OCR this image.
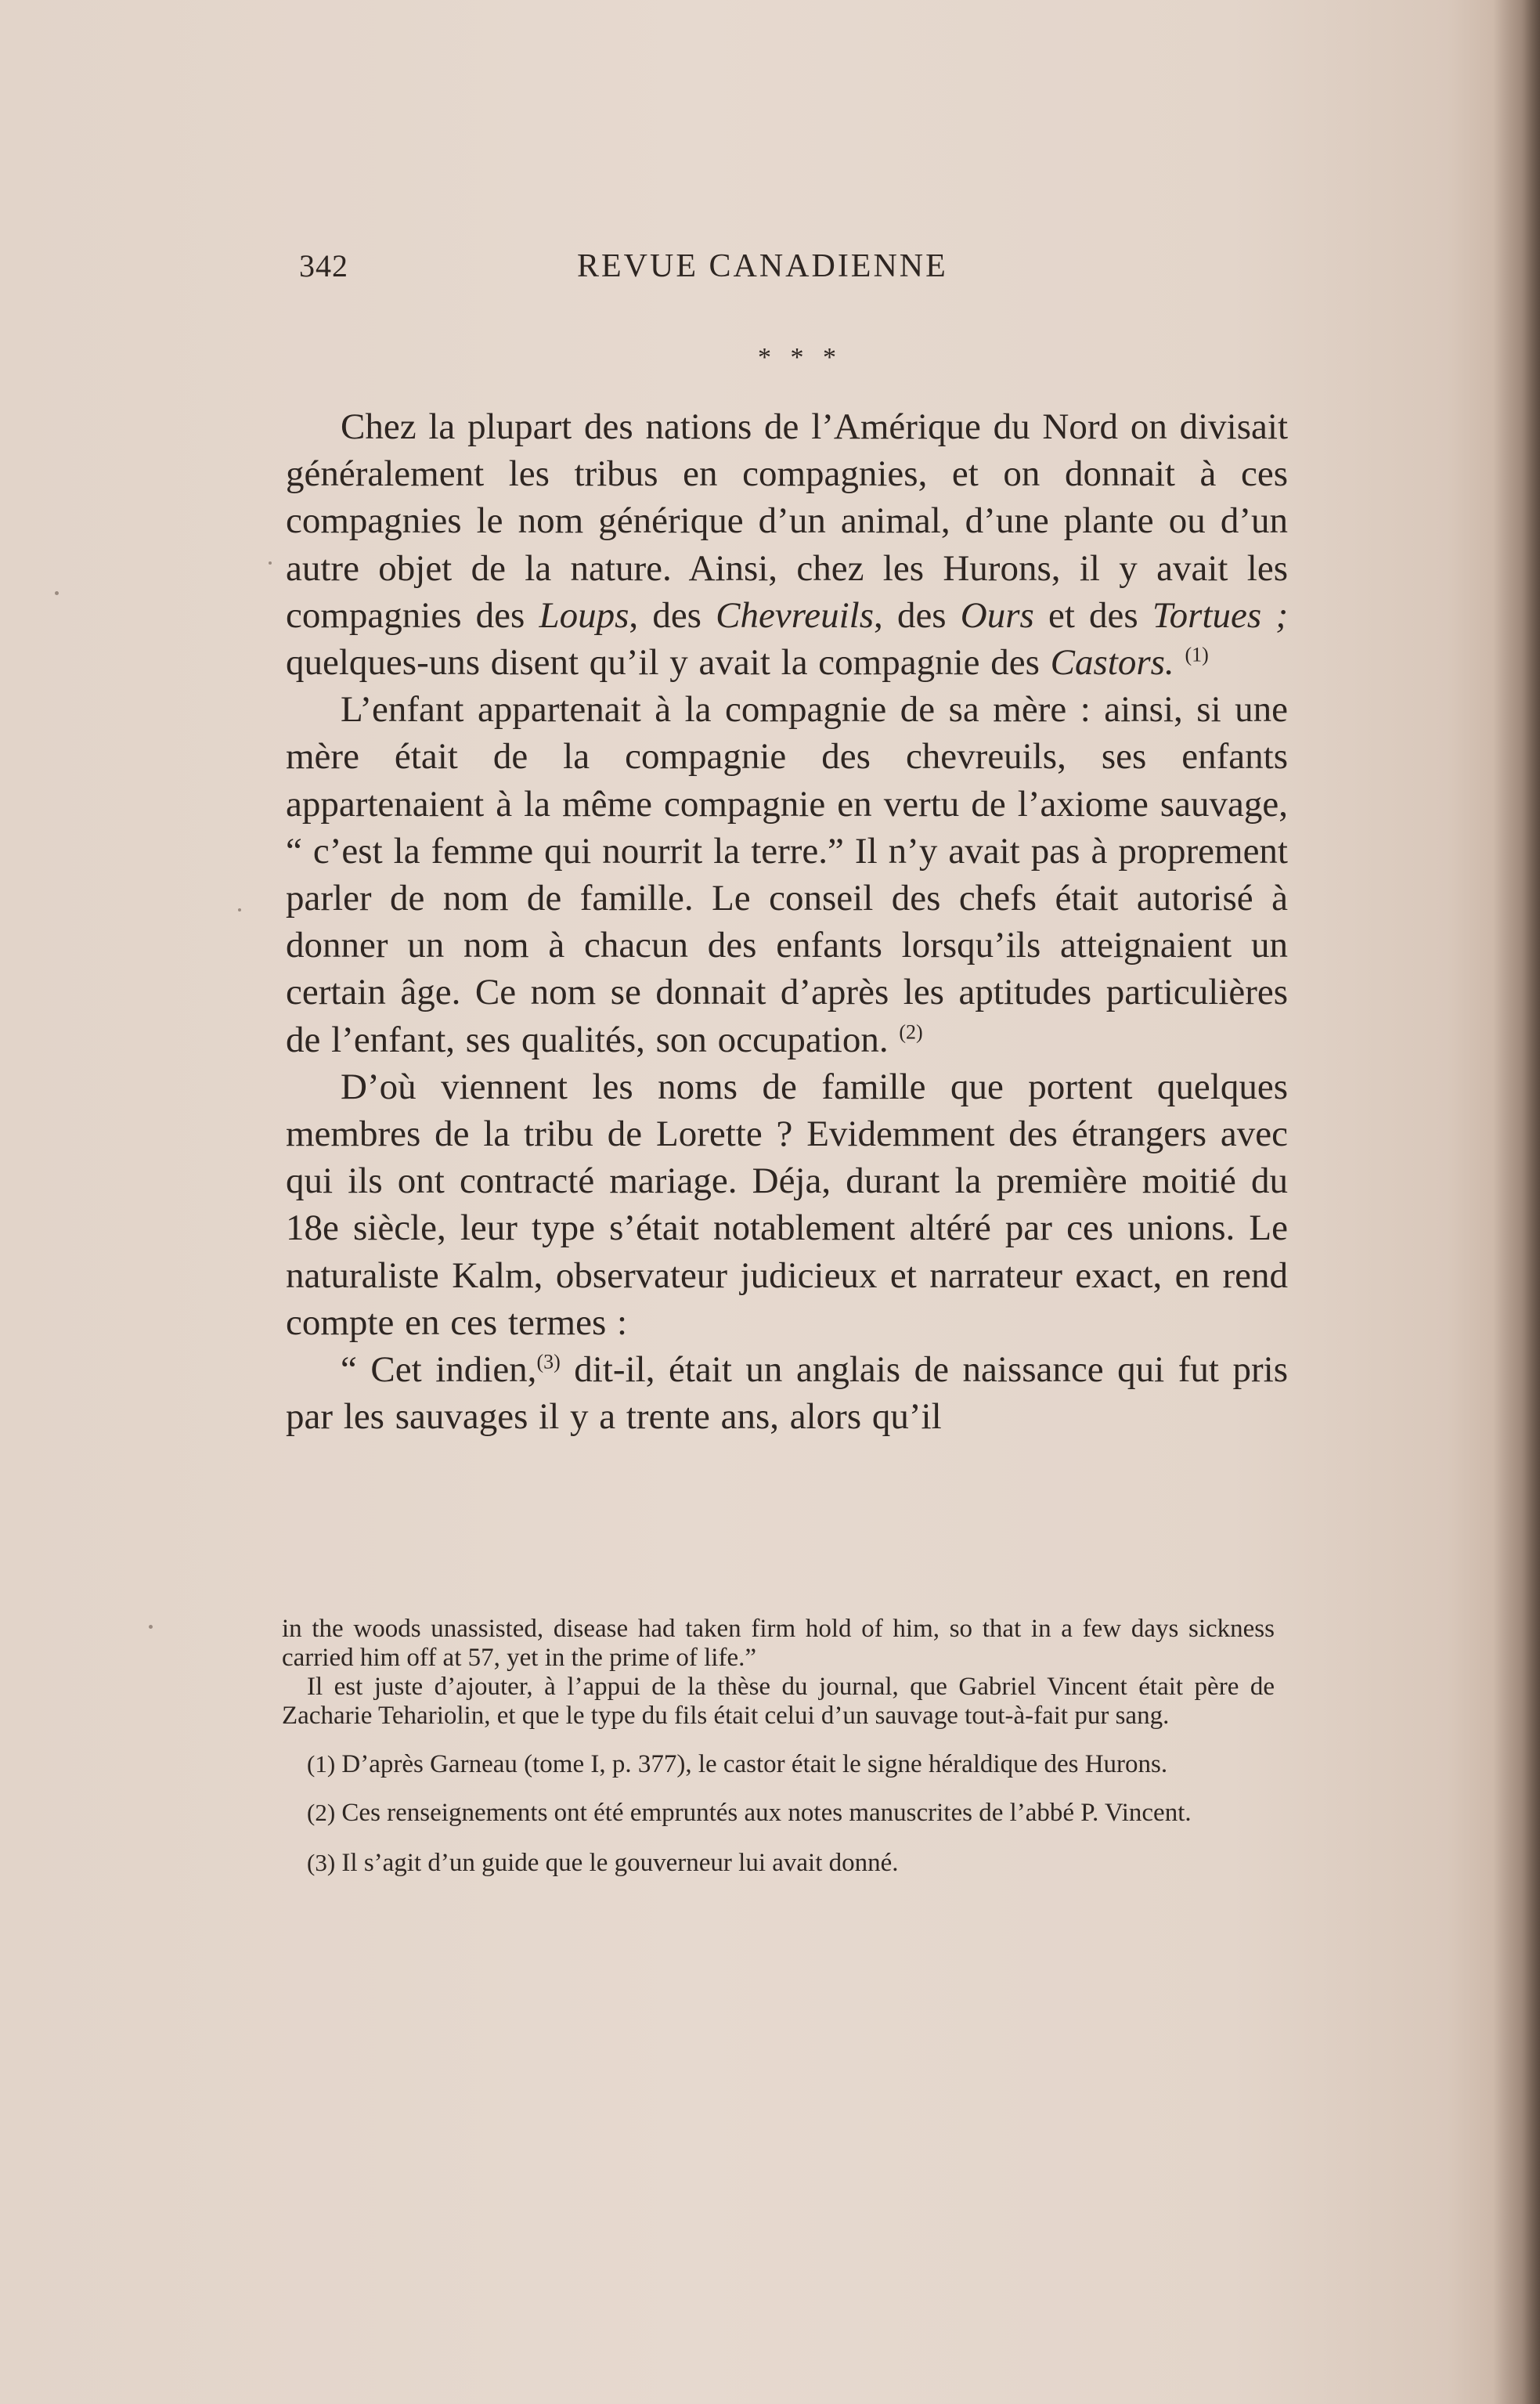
342	REVUE CANADIENNE
* * *

Chez la plupart des nations de l’Amérique du Nord on divisait généralement les tribus en compagnies, et on donnait à ces compagnies le nom générique d’un animal, d’une plante ou d’un autre objet de la nature. Ainsi, chez les Hurons, il y avait les compagnies des Loups, des Chevreuils, des Ours et des Tortues ; quelques-uns disent qu’il y avait la compagnie des Castors. $^{(1)}$

L’enfant appartenait à la compagnie de sa mère : ainsi, si une mère était de la compagnie des chevreuils, ses enfants appartenaient à la même compagnie en vertu de l’axiome sauvage, “ c’est la femme qui nourrit la terre.” Il n’y avait pas à proprement parler de nom de famille. Le conseil des chefs était autorisé à donner un nom à chacun des enfants lorsqu’ils atteignaient un certain âge. Ce nom se donnait d’après les aptitudes particulières de l’enfant, ses qualités, son occupation. $^{(2)}$

D’où viennent les noms de famille que portent quelques membres de la tribu de Lorette ? Evidemment des étrangers avec qui ils ont contracté mariage. Déja, durant la première moitié du 18e siècle, leur type s’était notablement altéré par ces unions. Le naturaliste Kalm, observateur judicieux et narrateur exact, en rend compte en ces termes :

“ Cet indien,$^{(3)}$ dit-il, était un anglais de naissance qui fut pris par les sauvages il y a trente ans, alors qu’il

in the woods unassisted, disease had taken firm hold of him, so that in a few days sickness carried him off at 57, yet in the prime of life.”

Il est juste d’ajouter, à l’appui de la thèse du journal, que Gabriel Vincent était père de Zacharie Tehariolin, et que le type du fils était celui d’un sauvage tout-à-fait pur sang.

(1) D’après Garneau (tome I, p. 377), le castor était le signe héraldique des Hurons.

(2) Ces renseignements ont été empruntés aux notes manuscrites de l’abbé P. Vincent.

(3) Il s’agit d’un guide que le gouverneur lui avait donné.
